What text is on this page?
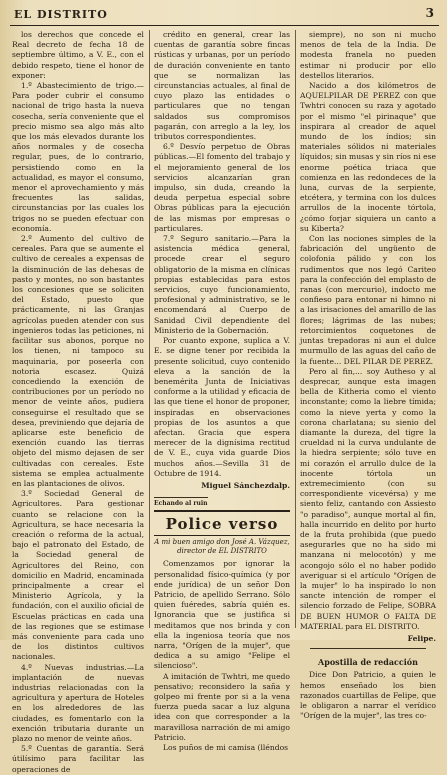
EL DISTRITO	3

los derechos que concede el Real decreto de fecha 18 de septiembre último, a V. E., con el debido respeto, tiene el honor de exponer:

1.º Abastecimiento de trigo.—Para poder cubrir el consumo nacional de trigo hasta la nueva cosecha, sería conveniente que el precio mismo sea algo más alto que los más elevados durante los años normales y de cosecha regular, pues, de lo contrario, persistiendo como en la actualidad, es mayor el consumo, menor el aprovechamiento y más frecuentes las salidas, circunstancias por las cuales los trigos no se pueden efectuar con economía.

2.º Aumento del cultivo de cereales. Para que se aumente el cultivo de cereales a expensas de la disminución de las dehesas de pasto y montes, no son bastantes los concesiones que se soliciten del Estado, puesto que prácticamente, ni las Granjas agrícolas pueden atender con sus ingenieros todas las peticiones, ni facilitar sus abonos, porque no los tienen, ni tampoco su maquinaria, por poseerla con notoria escasez. Quizá concediendo la exención de contribuciones por un período no menor de veinte años, pudiera conseguirse el resultado que se desea, previniendo que dejaría de aplicarse este beneficio de exención cuando las tierras objeto del mismo dejasen de ser cultivadas con cereales. Este sistema se emplea actualmente en las plantaciones de olivos.

3.º Sociedad General de Agricultores. Para gestionar cuanto se relacione con la Agricultura, se hace necesaria la creación o reforma de la actual, bajo el patronato del Estado, de la Sociedad general de Agricultores del Reino, con domicilio en Madrid, encaminada principalmente a crear el Ministerio Agrícola, y la fundación, con el auxilio oficial de Escuelas prácticas en cada una de las regiones que se estimase más conveniente para cada uno de los distintos cultivos nacionales.

4.º Nuevas industrias.—La implantación de nuevas industrias relacionadas con la agricultura y apertura de Hoteles en los alrededores de las ciudades, es fomentarlo con la exención tributaria durante un plazo no menor de veinte años.

5.º Cuentas de garantía. Será útilísimo para facilitar las operaciones de

crédito en general, crear las cuentas de garantía sobre fincas rústicas y urbanas, por un período de duración conveniente en tanto que se normalizan las circunstancias actuales, al final de cuyo plazo las entidades o particulares que no tengan saldados sus compromisos pagarán, con arreglo a la ley, los tributos correspondientes.

6.º Desvío perpetuo de Obras públicas.—El fomento del trabajo y el mejoramiento general de los servicios alcanzarían gran impulso, sin duda, creando la deuda perpetua especial sobre Obras públicas para la ejecución de las mismas por empresas o particulares.

7.º Seguro sanitario.—Para la asistencia médica general, procede crear el seguro obligatorio de la misma en clínicas propias establecidas para estos servicios, cuyo funcionamiento, profesional y administrativo, se le encomendará al Cuerpo de Sanidad Civil dependiente del Ministerio de la Gobernación.

Por cuanto expone, suplica a V. E. se digne tener por recibida la presente solicitud, cuyo contenido eleva a la sanción de la benemérita Junta de Iniciativas conforme a la utilidad y eficacia de las que tiene el honor de proponer, inspiradas en observaciones propias de los asuntos a que afectan. Gracia que espera merecer de la dignísima rectitud de V. E., cuya vida guarde Dios muchos años.—Sevilla 31 de Octubre de 1914.

Miguel Sánchezdalp.
Echando al ruin
Police verso
A mi buen amigo don José A. Vázquez, director de EL DISTRITO

Comenzamos por ignorar la personalidad físico-química (y por ende jurídica) de un señor Don Patricio, de apellido Serrano. Sólo quien fuéredes, sabría quién es. Ignorancia que se justifica si meditamos que nos brinda y con ella la ingeniosa teoría que nos narra, "Orígen de la mujer", que dedica a su amigo "Felipe el silencioso".

A imitación de Twhtri, me quedo pensativo; reconsidero la saña y golpeo mi frente por si a la vena fuerza pueda sacar a luz alguna idea con que corresponder a la maravillosa narración de mi amigo Patricio.

Los puños de mi camisa (lléndos

siempre), no son ni mucho menos de tela de la India. De modesta franela no pueden estimar ni producir por ello destellos literarios.

Nacido a dos kilómetros de AQUELPILAR DE PEREZ con que Twhtri conocen su raza y agotado por el mismo "el pirinaque" que inspirara al creador de aquel mundo de los índios; sin materiales sólidos ni materiales líquidos; sin musas y sin ríos ni ese enorme poética triaca que comienza en las redondeces de la luna, curvas de la serpiente, etcétera, y termina con los dulces arrullos de la inocente tórtola, ¿cómo forjar siquiera un canto a su Kiberta?

Con las nociones simples de la fabricación del ungüento de colofonia pálido y con los rudimentos que nos legó Cariteo para la confección del emplasto de ranas (con mercurio), indocto me confieso para entonar ni himno ni a las irisaciones del amarillo de las flores; lágrimas de las nubes; retorcimientos coquetones de juntas trepadoras ni aun el dulce murmullo de las aguas del caño de la fuente... DEL PILAR DE PEREZ.

Pero al fin,... soy Autheso y al desprecar, aunque esta imagen bella de Kitheria como el viento inconstante; como la liebre tímida; como la nieve yerta y como la corona charlatana; su sienio del diamante la dureza, del tigre la crueldad ni la curva undulante de la hiedra serpiente; sólo tuve en mi corazón el arrullo dulce de la inocente tórtola un extremecimiento (con su correspondiente vicevérsa) y me siento feliz, cantando con Assiesto "o paradiso", aunque mortal al fin, halla incurrido en delito por hurto de la fruta prohibida (que puedo asegurarles que no ha sido mi manzana ni melocotón) y me acongojo sólo el no haber podido averiguar si el artículo "Orígen de la mujer" lo ha inspirado lo non sancte intención de romper el silencio forzado de Felipe, SOBRA DE BUEN HUMOR O FALTA DE MATERIAL para EL DISTRITO.

Felipe.
Apostilla de redacción

Dice Don Patricio, a quien le hemos enseñado los bien razonados cuartillas de Felipe, que le obligaron a narrar el verídico "Orígen de la mujer", las tres co-
